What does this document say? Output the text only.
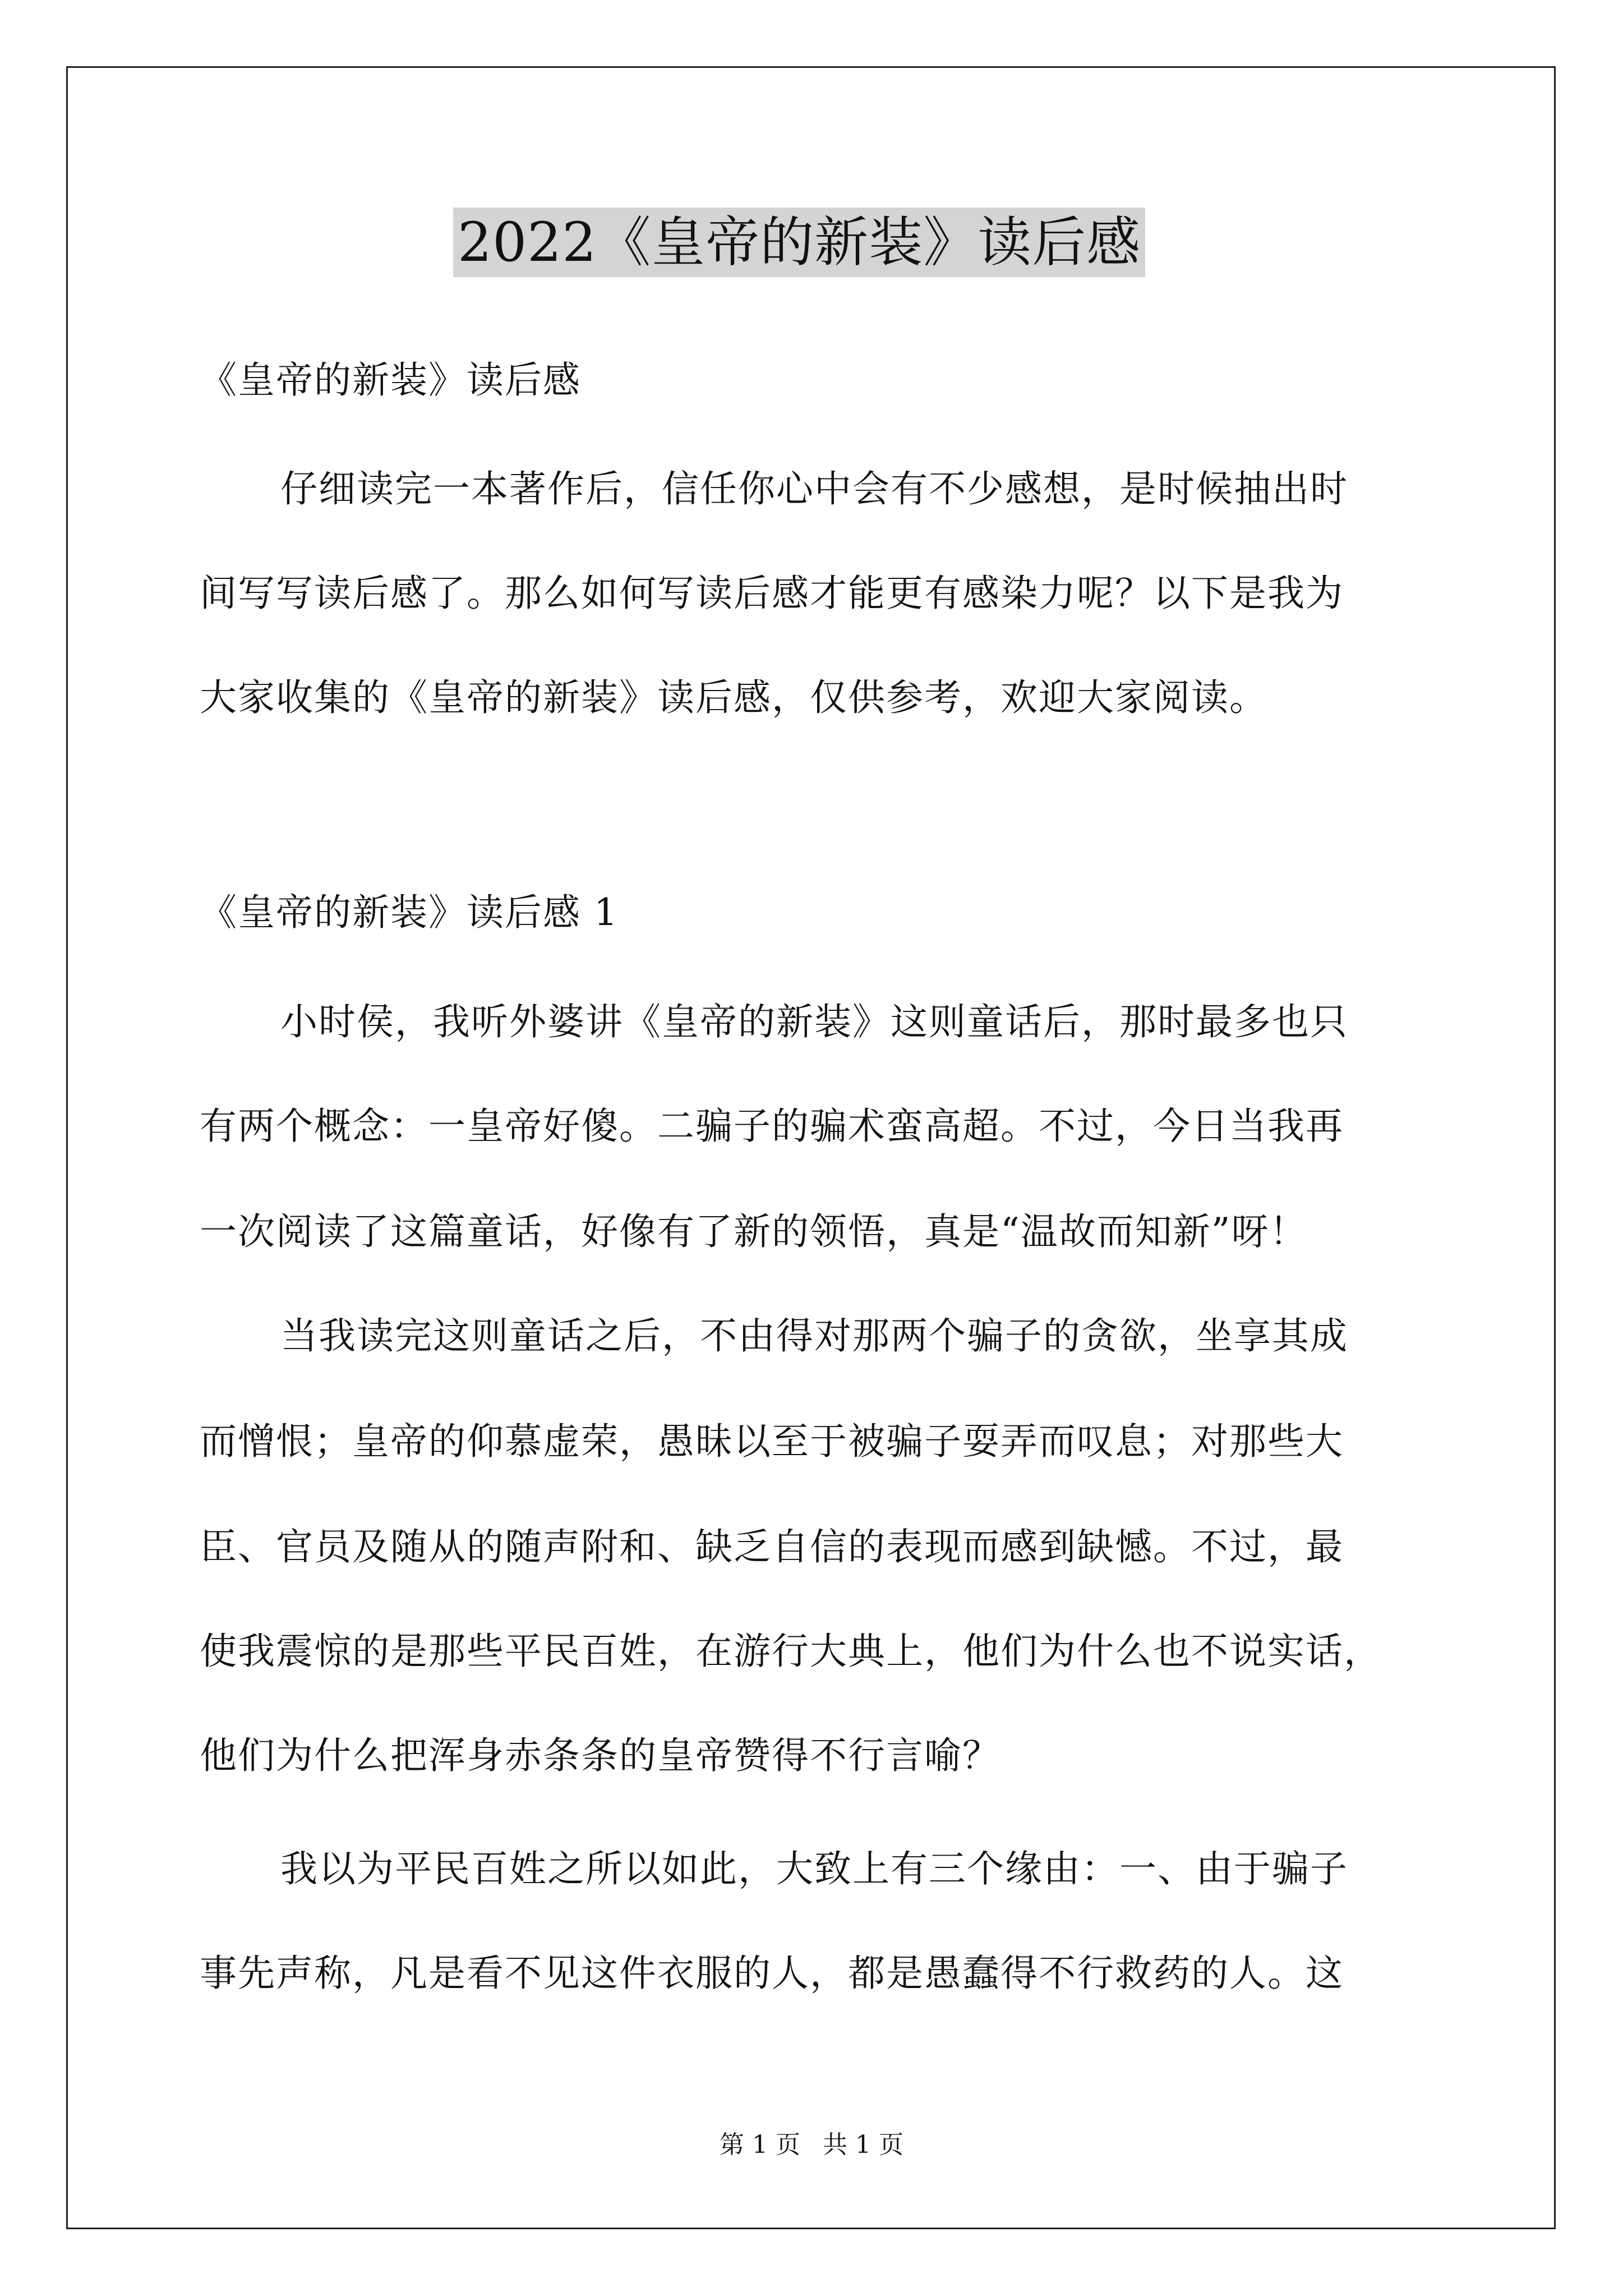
2022《皇帝的新装》读后感
《皇帝的新装》读后感
仔细读完一本著作后，信任你心中会有不少感想，是时候抽出时
间写写读后感了。那么如何写读后感才能更有感染力呢？以下是我为
大家收集的《皇帝的新装》读后感，仅供参考，欢迎大家阅读。
《皇帝的新装》读后感 1
小时侯，我听外婆讲《皇帝的新装》这则童话后，那时最多也只
有两个概念：一皇帝好傻。二骗子的骗术蛮高超。不过，今日当我再
一次阅读了这篇童话，好像有了新的领悟，真是“温故而知新”呀！
当我读完这则童话之后，不由得对那两个骗子的贪欲，坐享其成
而憎恨；皇帝的仰慕虚荣，愚昧以至于被骗子耍弄而叹息；对那些大
臣、官员及随从的随声附和、缺乏自信的表现而感到缺憾。不过，最
使我震惊的是那些平民百姓，在游行大典上，他们为什么也不说实话，
他们为什么把浑身赤条条的皇帝赞得不行言喻？
我以为平民百姓之所以如此，大致上有三个缘由：一、由于骗子
事先声称，凡是看不见这件衣服的人，都是愚蠢得不行救药的人。这
第 1 页 共 1 页
